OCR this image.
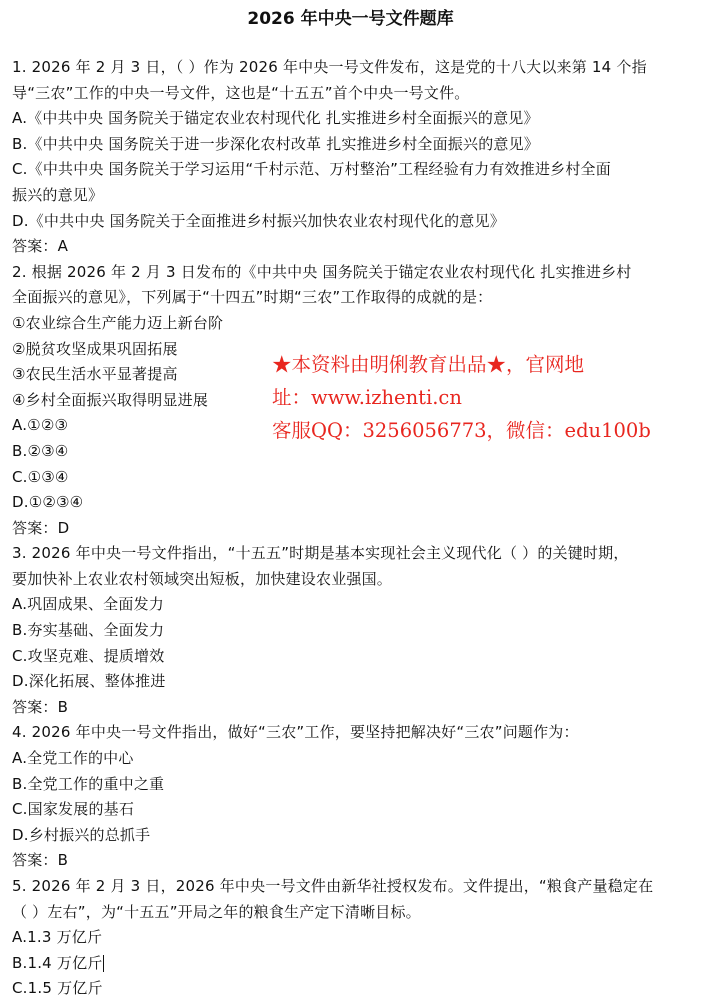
2026 年中央一号文件题库
1. 2026 年 2 月 3 日，（ ）作为 2026 年中央一号文件发布，这是党的十八大以来第 14 个指
导“三农”工作的中央一号文件，这也是“十五五”首个中央一号文件。
A.《中共中央 国务院关于锚定农业农村现代化 扎实推进乡村全面振兴的意见》
B.《中共中央 国务院关于进一步深化农村改革 扎实推进乡村全面振兴的意见》
C.《中共中央 国务院关于学习运用“千村示范、万村整治”工程经验有力有效推进乡村全面
振兴的意见》
D.《中共中央 国务院关于全面推进乡村振兴加快农业农村现代化的意见》
答案：A
2. 根据 2026 年 2 月 3 日发布的《中共中央 国务院关于锚定农业农村现代化 扎实推进乡村
全面振兴的意见》，下列属于“十四五”时期“三农”工作取得的成就的是：
①农业综合生产能力迈上新台阶
②脱贫攻坚成果巩固拓展
③农民生活水平显著提高
④乡村全面振兴取得明显进展
A.①②③
B.②③④
C.①③④
D.①②③④
答案：D
3. 2026 年中央一号文件指出，“十五五”时期是基本实现社会主义现代化（ ）的关键时期，
要加快补上农业农村领域突出短板，加快建设农业强国。
A.巩固成果、全面发力
B.夯实基础、全面发力
C.攻坚克难、提质增效
D.深化拓展、整体推进
答案：B
4. 2026 年中央一号文件指出，做好“三农”工作，要坚持把解决好“三农”问题作为：
A.全党工作的中心
B.全党工作的重中之重
C.国家发展的基石
D.乡村振兴的总抓手
答案：B
5. 2026 年 2 月 3 日，2026 年中央一号文件由新华社授权发布。文件提出，“粮食产量稳定在
（ ）左右”，为“十五五”开局之年的粮食生产定下清晰目标。
A.1.3 万亿斤
B.1.4 万亿斤
C.1.5 万亿斤
★本资料由明俐教育出品★，官网地
址：www.izhenti.cn
客服QQ：3256056773，微信：edu100b
